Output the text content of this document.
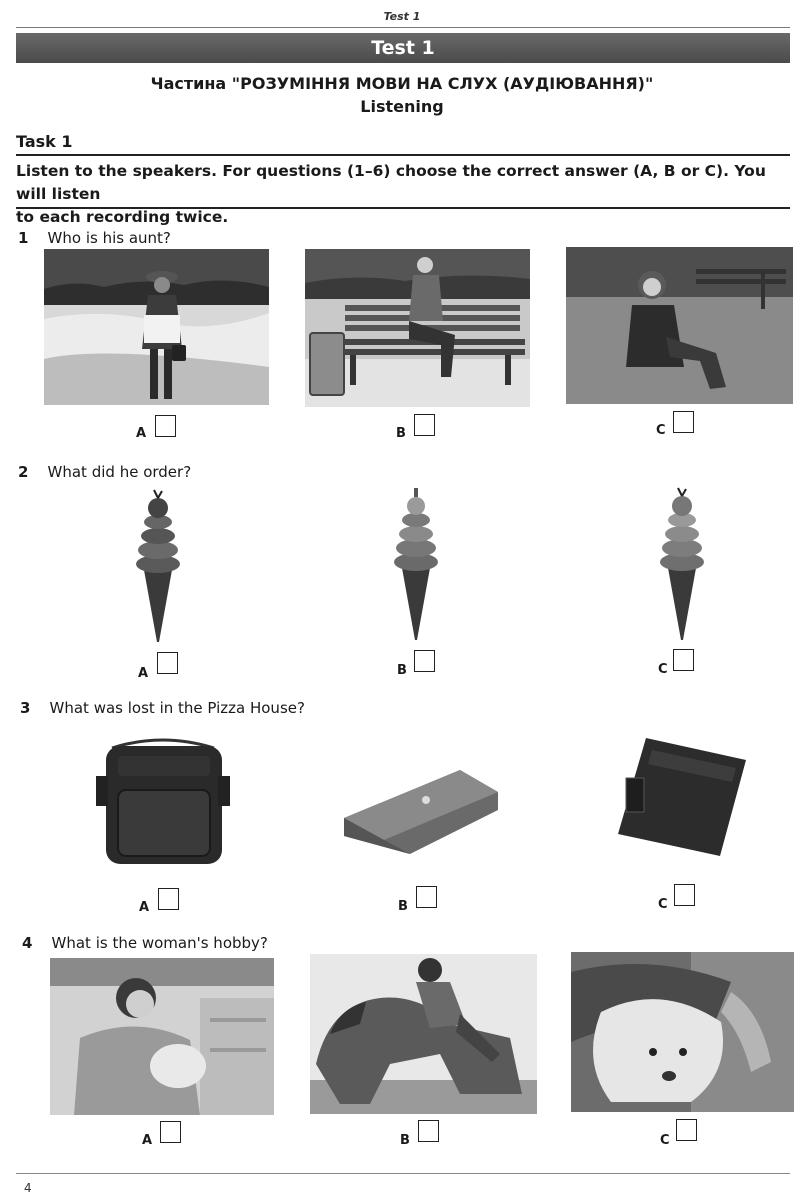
Test 1
Test 1
Частина "РОЗУМІННЯ МОВИ НА СЛУХ (АУДІЮВАННЯ)"
Listening
Task 1
Listen to the speakers. For questions (1–6) choose the correct answer (A, B or C). You will listen
to each recording twice.
1 Who is his aunt?
A	B	C
2 What did he order?
A	B	C
3 What was lost in the Pizza House?
A	B	C
4 What is the woman's hobby?
A	B	C
4
